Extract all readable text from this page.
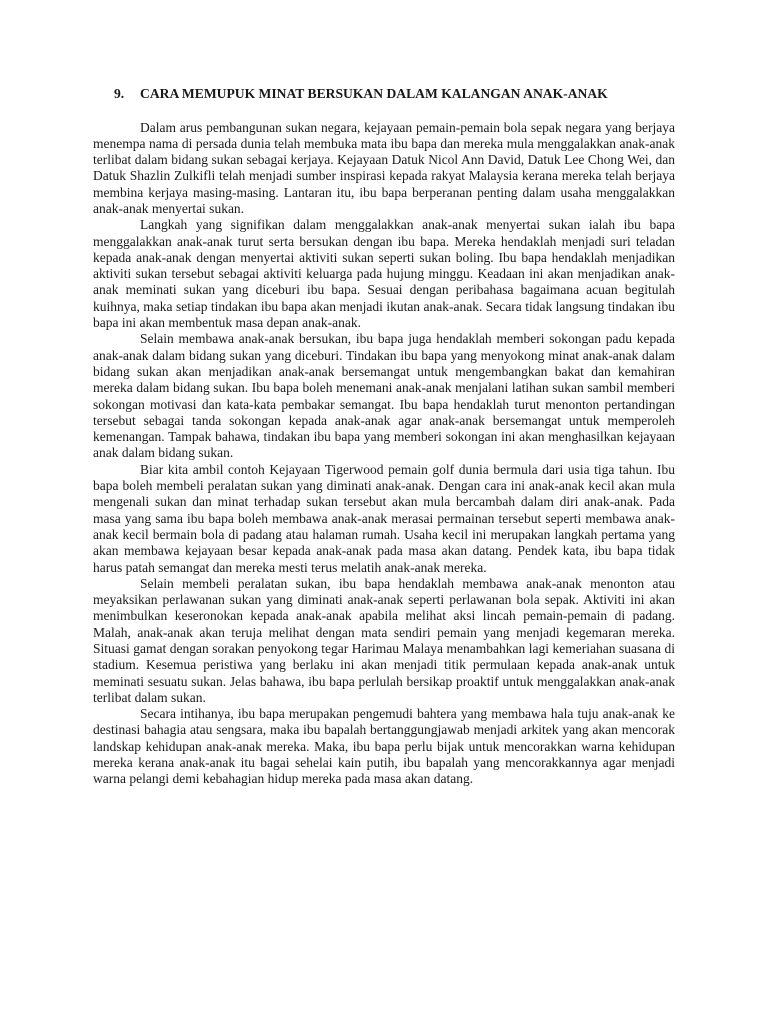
9.	CARA MEMUPUK MINAT BERSUKAN DALAM KALANGAN ANAK-ANAK

Dalam arus pembangunan sukan negara, kejayaan pemain-pemain bola sepak negara yang berjaya menempa nama di persada dunia telah membuka mata ibu bapa dan mereka mula menggalakkan anak-anak terlibat dalam bidang sukan sebagai kerjaya. Kejayaan Datuk Nicol Ann David, Datuk Lee Chong Wei, dan Datuk Shazlin Zulkifli telah menjadi sumber inspirasi kepada rakyat Malaysia kerana mereka telah berjaya membina kerjaya masing-masing. Lantaran itu, ibu bapa berperanan penting dalam usaha menggalakkan anak-anak menyertai sukan.

Langkah yang signifikan dalam menggalakkan anak-anak menyertai sukan ialah ibu bapa menggalakkan anak-anak turut serta bersukan dengan ibu bapa. Mereka hendaklah menjadi suri teladan kepada anak-anak dengan menyertai aktiviti sukan seperti sukan boling. Ibu bapa hendaklah menjadikan aktiviti sukan tersebut sebagai aktiviti keluarga pada hujung minggu. Keadaan ini akan menjadikan anak-anak meminati sukan yang diceburi ibu bapa. Sesuai dengan peribahasa bagaimana acuan begitulah kuihnya, maka setiap tindakan ibu bapa akan menjadi ikutan anak-anak. Secara tidak langsung tindakan ibu bapa ini akan membentuk masa depan anak-anak.

Selain membawa anak-anak bersukan, ibu bapa juga hendaklah memberi sokongan padu kepada anak-anak dalam bidang sukan yang diceburi. Tindakan ibu bapa yang menyokong minat anak-anak dalam bidang sukan akan menjadikan anak-anak bersemangat untuk mengembangkan bakat dan kemahiran mereka dalam bidang sukan. Ibu bapa boleh menemani anak-anak menjalani latihan sukan sambil memberi sokongan motivasi dan kata-kata pembakar semangat. Ibu bapa hendaklah turut menonton pertandingan tersebut sebagai tanda sokongan kepada anak-anak agar anak-anak bersemangat untuk memperoleh kemenangan. Tampak bahawa, tindakan ibu bapa yang memberi sokongan ini akan menghasilkan kejayaan anak dalam bidang sukan.

Biar kita ambil contoh Kejayaan Tigerwood pemain golf dunia bermula dari usia tiga tahun. Ibu bapa boleh membeli peralatan sukan yang diminati anak-anak. Dengan cara ini anak-anak kecil akan mula mengenali sukan dan minat terhadap sukan tersebut akan mula bercambah dalam diri anak-anak. Pada masa yang sama ibu bapa boleh membawa anak-anak merasai permainan tersebut seperti membawa anak-anak kecil bermain bola di padang atau halaman rumah. Usaha kecil ini merupakan langkah pertama yang akan membawa kejayaan besar kepada anak-anak pada masa akan datang. Pendek kata, ibu bapa tidak harus patah semangat dan mereka mesti terus melatih anak-anak mereka.

Selain membeli peralatan sukan, ibu bapa hendaklah membawa anak-anak menonton atau meyaksikan perlawanan sukan yang diminati anak-anak seperti perlawanan bola sepak. Aktiviti ini akan menimbulkan keseronokan kepada anak-anak apabila melihat aksi lincah pemain-pemain di padang. Malah, anak-anak akan teruja melihat dengan mata sendiri pemain yang menjadi kegemaran mereka. Situasi gamat dengan sorakan penyokong tegar Harimau Malaya menambahkan lagi kemeriahan suasana di stadium. Kesemua peristiwa yang berlaku ini akan menjadi titik permulaan kepada anak-anak untuk meminati sesuatu sukan. Jelas bahawa, ibu bapa perlulah bersikap proaktif untuk menggalakkan anak-anak terlibat dalam sukan.

Secara intihanya, ibu bapa merupakan pengemudi bahtera yang membawa hala tuju anak-anak ke destinasi bahagia atau sengsara, maka ibu bapalah bertanggungjawab menjadi arkitek yang akan mencorak landskap kehidupan anak-anak mereka. Maka, ibu bapa perlu bijak untuk mencorakkan warna kehidupan mereka kerana anak-anak itu bagai sehelai kain putih, ibu bapalah yang mencorakkannya agar menjadi warna pelangi demi kebahagian hidup mereka pada masa akan datang.
